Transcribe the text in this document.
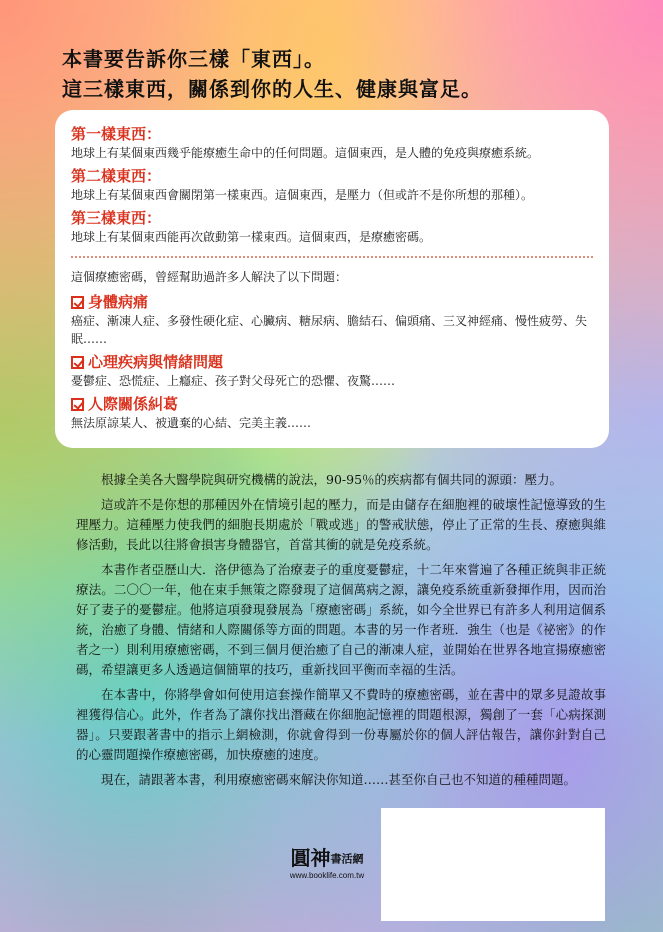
本書要告訴你三樣「東西」。
這三樣東西，關係到你的人生、健康與富足。
第一樣東西：
地球上有某個東西幾乎能療癒生命中的任何問題。這個東西，是人體的免疫與療癒系統。
第二樣東西：
地球上有某個東西會關閉第一樣東西。這個東西，是壓力（但或許不是你所想的那種）。
第三樣東西：
地球上有某個東西能再次啟動第一樣東西。這個東西，是療癒密碼。
這個療癒密碼，曾經幫助過許多人解決了以下問題：
身體病痛
癌症、漸凍人症、多發性硬化症、心臟病、糖尿病、膽結石、偏頭痛、三叉神經痛、慢性疲勞、失眠……
心理疾病與情緒問題
憂鬱症、恐慌症、上癮症、孩子對父母死亡的恐懼、夜驚……
人際關係糾葛
無法原諒某人、被遺棄的心結、完美主義……

根據全美各大醫學院與研究機構的說法，90-95％的疾病都有個共同的源頭：壓力。

這或許不是你想的那種因外在情境引起的壓力，而是由儲存在細胞裡的破壞性記憶導致的生理壓力。這種壓力使我們的細胞長期處於「戰或逃」的警戒狀態，停止了正常的生長、療癒與維修活動，長此以往將會損害身體器官，首當其衝的就是免疫系統。

本書作者亞歷山大．洛伊德為了治療妻子的重度憂鬱症，十二年來嘗遍了各種正統與非正統療法。二〇〇一年，他在束手無策之際發現了這個萬病之源，讓免疫系統重新發揮作用，因而治好了妻子的憂鬱症。他將這項發現發展為「療癒密碼」系統，如今全世界已有許多人利用這個系統，治癒了身體、情緒和人際關係等方面的問題。本書的另一作者班．強生（也是《祕密》的作者之一）則利用療癒密碼，不到三個月便治癒了自己的漸凍人症，並開始在世界各地宣揚療癒密碼，希望讓更多人透過這個簡單的技巧，重新找回平衡而幸福的生活。

在本書中，你將學會如何使用這套操作簡單又不費時的療癒密碼，並在書中的眾多見證故事裡獲得信心。此外，作者為了讓你找出潛藏在你細胞記憶裡的問題根源，獨創了一套「心病探測器」。只要跟著書中的指示上網檢測，你就會得到一份專屬於你的個人評估報告，讓你針對自己的心靈問題操作療癒密碼，加快療癒的速度。

現在，請跟著本書，利用療癒密碼來解決你知道……甚至你自己也不知道的種種問題。

圓神書活網
www.booklife.com.tw
